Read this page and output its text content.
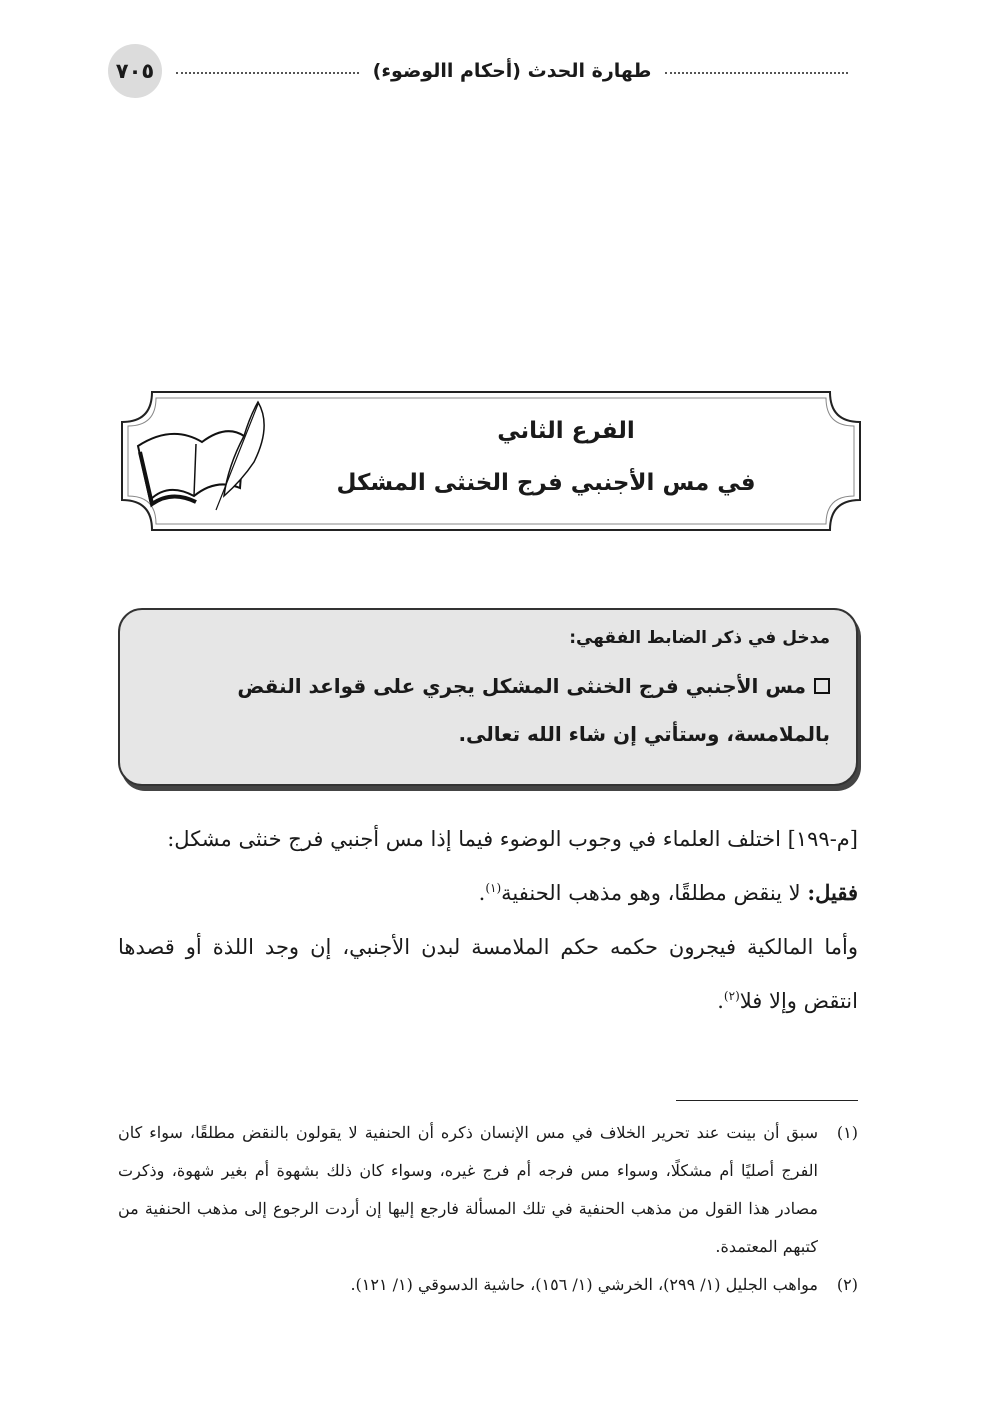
٧٠٥	طهارة الحدث (أحكام االوضوء)
الفرع الثاني
في مس الأجنبي فرج الخنثى المشكل
مدخل في ذكر الضابط الفقهي:
مس الأجنبي فرج الخنثى المشكل يجري على قواعد النقض بالملامسة، وستأتي إن شاء الله تعالى.

[م-١٩٩] اختلف العلماء في وجوب الوضوء فيما إذا مس أجنبي فرج خنثى مشكل:

فقيل: لا ينقض مطلقًا، وهو مذهب الحنفية$^{(١)}$.

وأما المالكية فيجرون حكمه حكم الملامسة لبدن الأجنبي، إن وجد اللذة أو قصدها انتقض وإلا فلا$^{(٢)}$.

(١)
سبق أن بينت عند تحرير الخلاف في مس الإنسان ذكره أن الحنفية لا يقولون بالنقض مطلقًا، سواء كان الفرج أصليًا أم مشكلًا، وسواء مس فرجه أم فرج غيره، وسواء كان ذلك بشهوة أم بغير شهوة، وذكرت مصادر هذا القول من مذهب الحنفية في تلك المسألة فارجع إليها إن أردت الرجوع إلى مذهب الحنفية من كتبهم المعتمدة.
(٢)
مواهب الجليل (١/ ٢٩٩)، الخرشي (١/ ١٥٦)، حاشية الدسوقي (١/ ١٢١).
